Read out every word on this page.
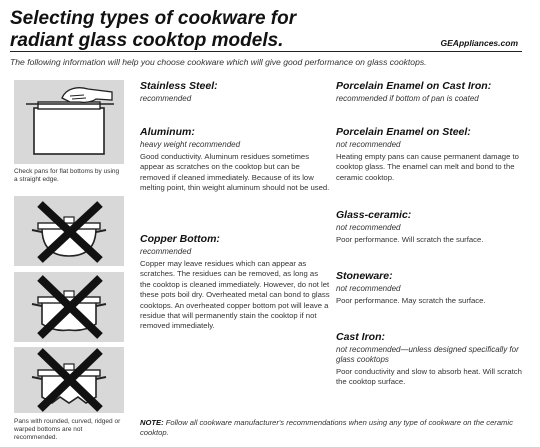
Selecting types of cookware for
radiant glass cooktop models.	GEAppliances.com
The following information will help you choose cookware which will give good performance on glass cooktops.
Check pans for flat bottoms by using a straight edge.
Pans with rounded, curved, ridged or warped bottoms are not recommended.
Stainless Steel:
recommended
Aluminum:
heavy weight recommended
Good conductivity. Aluminum residues sometimes appear as scratches on the cooktop but can be removed if cleaned immediately. Because of its low melting point, thin weight aluminum should not be used.
Copper Bottom:
recommended
Copper may leave residues which can appear as scratches. The residues can be removed, as long as the cooktop is cleaned immediately. However, do not let these pots boil dry. Overheated metal can bond to glass cooktops. An overheated copper bottom pot will leave a residue that will permanently stain the cooktop if not removed immediately.
Porcelain Enamel on Cast Iron:
recommended if bottom of pan is coated
Porcelain Enamel on Steel:
not recommended
Heating empty pans can cause permanent damage to cooktop glass. The enamel can melt and bond to the ceramic cooktop.
Glass-ceramic:
not recommended
Poor performance. Will scratch the surface.
Stoneware:
not recommended
Poor performance. May scratch the surface.
Cast Iron:
not recommended—unless designed specifically for glass cooktops
Poor conductivity and slow to absorb heat. Will scratch the cooktop surface.
NOTE: Follow all cookware manufacturer's recommendations when using any type of cookware on the ceramic cooktop.
